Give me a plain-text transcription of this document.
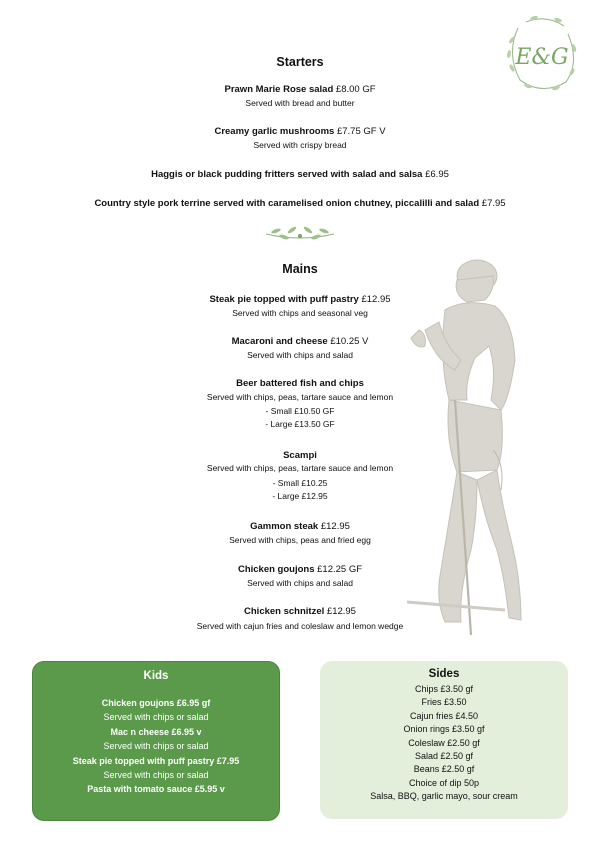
E&G
Starters
Prawn Marie Rose salad £8.00 GF
Served with bread and butter
Creamy garlic mushrooms £7.75 GF V
Served with crispy bread
Haggis or black pudding fritters served with salad and salsa £6.95
Country style pork terrine served with caramelised onion chutney, piccalilli and salad £7.95
Mains
Steak pie topped with puff pastry £12.95
Served with chips and seasonal veg
Macaroni and cheese £10.25 V
Served with chips and salad
Beer battered fish and chips
Served with chips, peas, tartare sauce and lemon
- Small £10.50 GF
- Large £13.50 GF
Scampi
Served with chips, peas, tartare sauce and lemon
- Small £10.25
- Large £12.95
Gammon steak £12.95
Served with chips, peas and fried egg
Chicken goujons £12.25 GF
Served with chips and salad
Chicken schnitzel £12.95
Served with cajun fries and coleslaw and lemon wedge
Kids
Chicken goujons £6.95 gf
Served with chips or salad
Mac n cheese £6.95 v
Served with chips or salad
Steak pie topped with puff pastry £7.95
Served with chips or salad
Pasta with tomato sauce £5.95 v
Sides
Chips £3.50 gf
Fries £3.50
Cajun fries £4.50
Onion rings £3.50 gf
Coleslaw £2.50 gf
Salad £2.50 gf
Beans £2.50 gf
Choice of dip 50p
Salsa, BBQ, garlic mayo, sour cream
